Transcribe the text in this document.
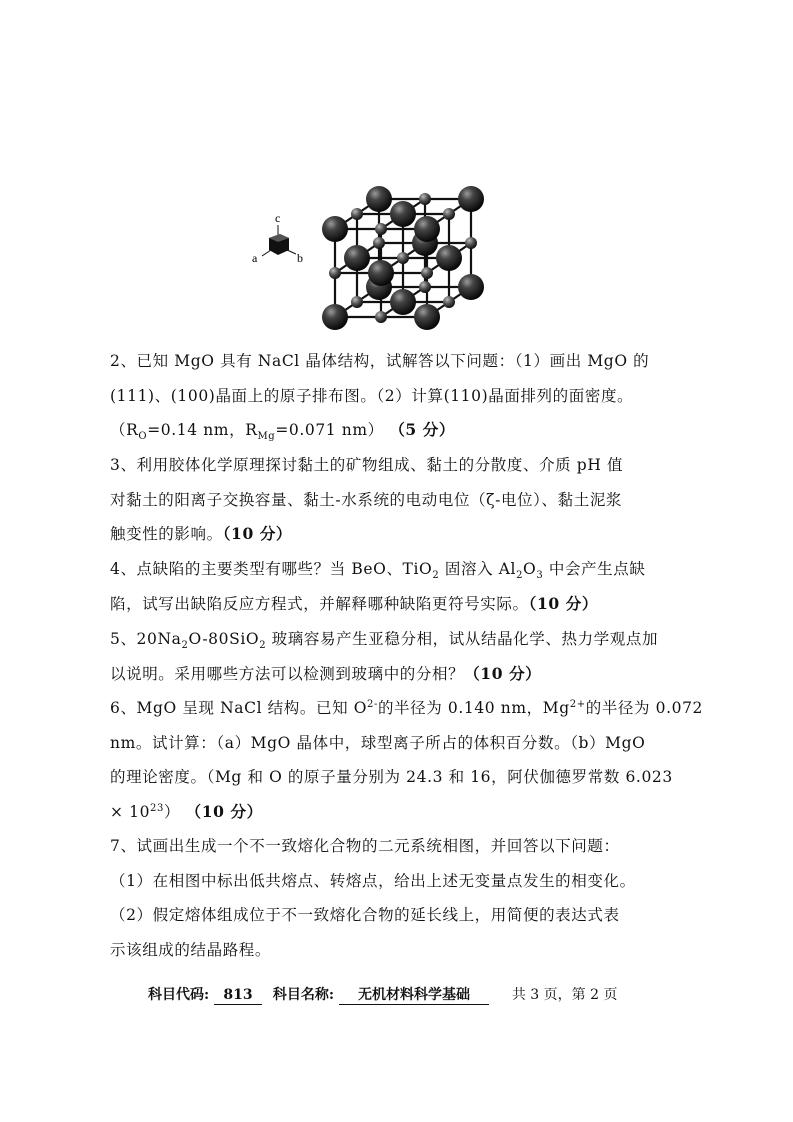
c
a	b

2、已知 MgO 具有 NaCl 晶体结构，试解答以下问题：（1）画出 MgO 的

(111)、(100)晶面上的原子排布图。（2）计算(110)晶面排列的面密度。

（$R_O=0.14$ nm，$R_{Mg}=0.071$ nm） （5 分）

3、利用胶体化学原理探讨黏土的矿物组成、黏土的分散度、介质 pH 值

对黏土的阳离子交换容量、黏土-水系统的电动电位（ζ-电位）、黏土泥浆

触变性的影响。（10 分）

4、点缺陷的主要类型有哪些？当 BeO、TiO$_2$ 固溶入 $Al_2O_3$ 中会产生点缺

陷，试写出缺陷反应方程式，并解释哪种缺陷更符号实际。（10 分）

5、$20Na_2O-80SiO_2$ 玻璃容易产生亚稳分相，试从结晶化学、热力学观点加

以说明。采用哪些方法可以检测到玻璃中的分相？（10 分）

6、MgO 呈现 NaCl 结构。已知 $O^{2-}$的半径为 0.140 nm，$Mg^{2+}$的半径为 0.072

nm。试计算：（a）MgO 晶体中，球型离子所占的体积百分数。（b）MgO

的理论密度。（Mg 和 O 的原子量分别为 24.3 和 16，阿伏伽德罗常数 6.023

× $10^{23}$） （10 分）

7、试画出生成一个不一致熔化合物的二元系统相图，并回答以下问题：

（1）在相图中标出低共熔点、转熔点，给出上述无变量点发生的相变化。

（2）假定熔体组成位于不一致熔化合物的延长线上，用简便的表达式表

示该组成的结晶路程。

科目代码: 813 科目名称: 无机材料科学基础	共 3 页，第 2 页
